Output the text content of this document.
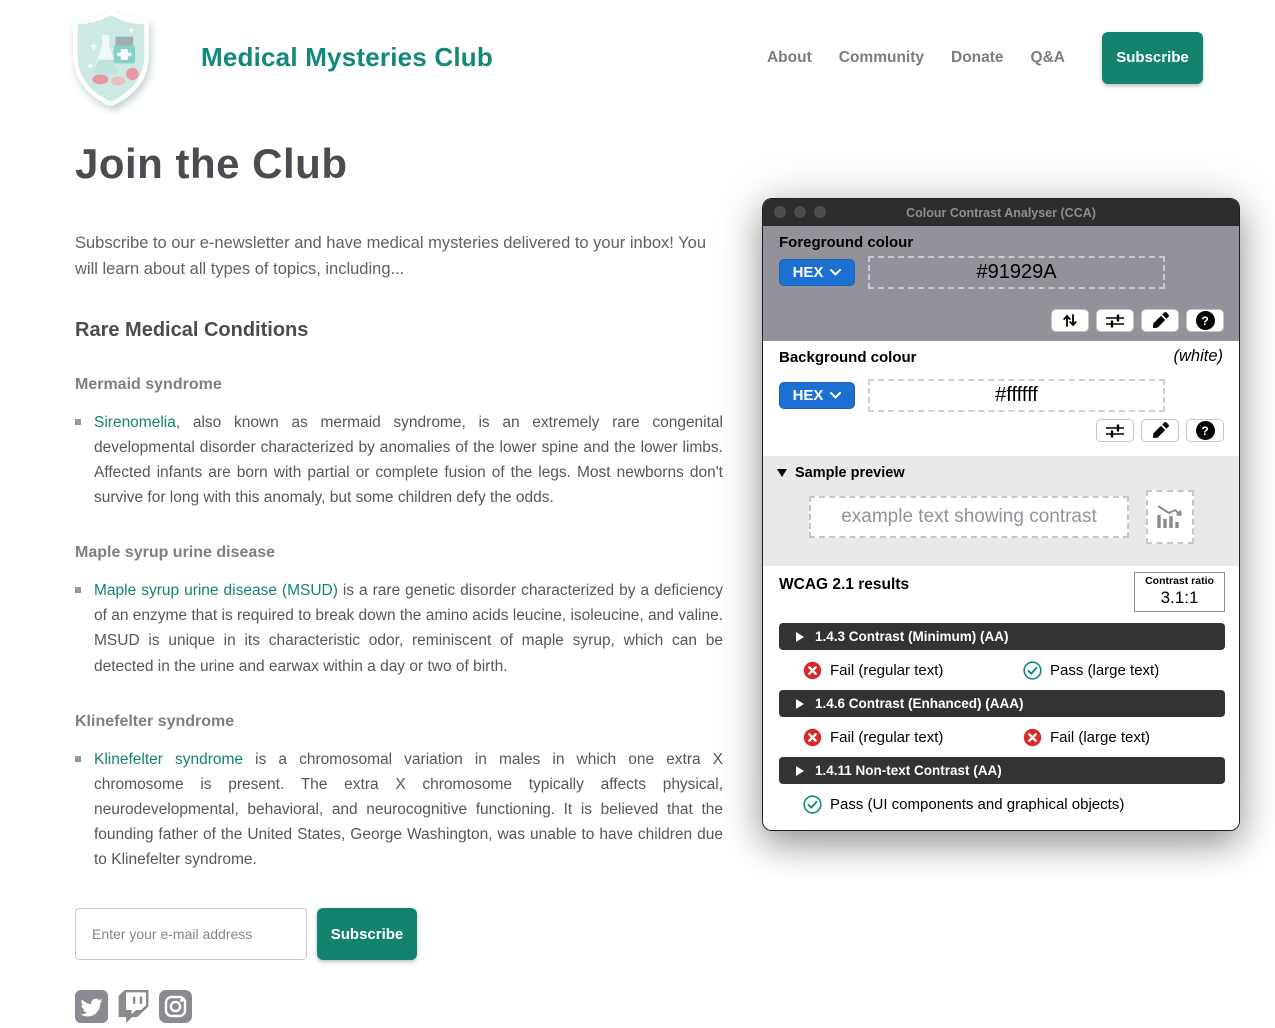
Medical Mysteries Club	About Community Donate Q&A	Subscribe
Join the Club

Subscribe to our e-newsletter and have medical mysteries delivered to your inbox! You will learn about all types of topics, including...

Rare Medical Conditions
Mermaid syndrome
Sirenomelia, also known as mermaid syndrome, is an extremely rare congenital developmental disorder characterized by anomalies of the lower spine and the lower limbs. Affected infants are born with partial or complete fusion of the legs. Most newborns don't survive for long with this anomaly, but some children defy the odds.
Maple syrup urine disease
Maple syrup urine disease (MSUD) is a rare genetic disorder characterized by a deficiency of an enzyme that is required to break down the amino acids leucine, isoleucine, and valine. MSUD is unique in its characteristic odor, reminiscent of maple syrup, which can be detected in the urine and earwax within a day or two of birth.
Klinefelter syndrome
Klinefelter syndrome is a chromosomal variation in males in which one extra X chromosome is present. The extra X chromosome typically affects physical, neurodevelopmental, behavioral, and neurocognitive functioning. It is believed that the founding father of the United States, George Washington, was unable to have children due to Klinefelter syndrome.
Enter your e-mail address
Subscribe
Colour Contrast Analyser (CCA)
Foreground colour
HEX
#91929A
?
Background colour	(white)
HEX
#ffffff
?
Sample preview
example text showing contrast
WCAG 2.1 results	Contrast ratio
3.1:1
1.4.3 Contrast (Minimum) (AA)
Fail (regular text)	Pass (large text)
1.4.6 Contrast (Enhanced) (AAA)
Fail (regular text)	Fail (large text)
1.4.11 Non-text Contrast (AA)
Pass (UI components and graphical objects)
